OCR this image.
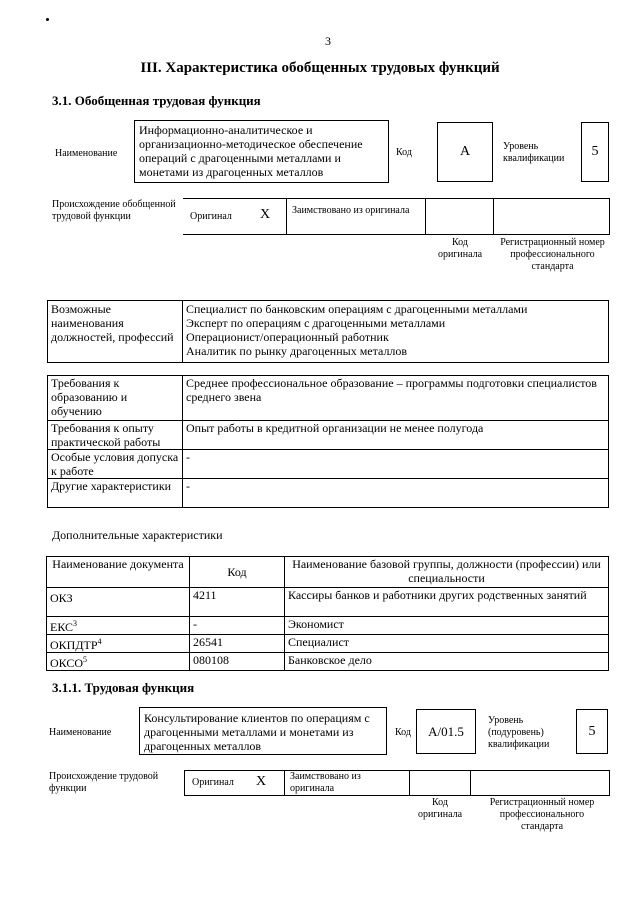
3
III. Характеристика обобщенных трудовых функций
3.1. Обобщенная трудовая функция
Наименование
Информационно-аналитическое и организационно-методическое обеспечение операций с драгоценными металлами и монетами из драгоценных металлов
Код	А	Уровень квалификации	5
Происхождение обобщенной трудовой функции	Оригинал Х Заимствовано из оригинала
Код оригинала
Регистрационный номер профессионального стандарта
Возможные наименования должностей, профессий	
Специалист по банковским операциям с драгоценными металлами
Эксперт по операциям с драгоценными металлами
Операционист/операционный работник
Аналитик по рынку драгоценных металлов
Требования к образованию и обучению	Среднее профессиональное образование – программы подготовки специалистов среднего звена
Требования к опыту практической работы	Опыт работы в кредитной организации не менее полугода
Особые условия допуска к работе	-
Другие характеристики	-
Дополнительные характеристики
Наименование документа	Код	Наименование базовой группы, должности (профессии) или специальности
ОКЗ	4211	Кассиры банков и работники других родственных занятий
ЕКС$^3$	-	Экономист
ОКПДТР$^4$	26541	Специалист
ОКСО$^5$	080108	Банковское дело
3.1.1. Трудовая функция
Наименование
Консультирование клиентов по операциям с драгоценными металлами и монетами из драгоценных металлов
Код	A/01.5
Уровень (подуровень) квалификации
5
Происхождение трудовой функции
Оригинал Х Заимствовано из оригинала
Код оригинала
Регистрационный номер профессионального стандарта
